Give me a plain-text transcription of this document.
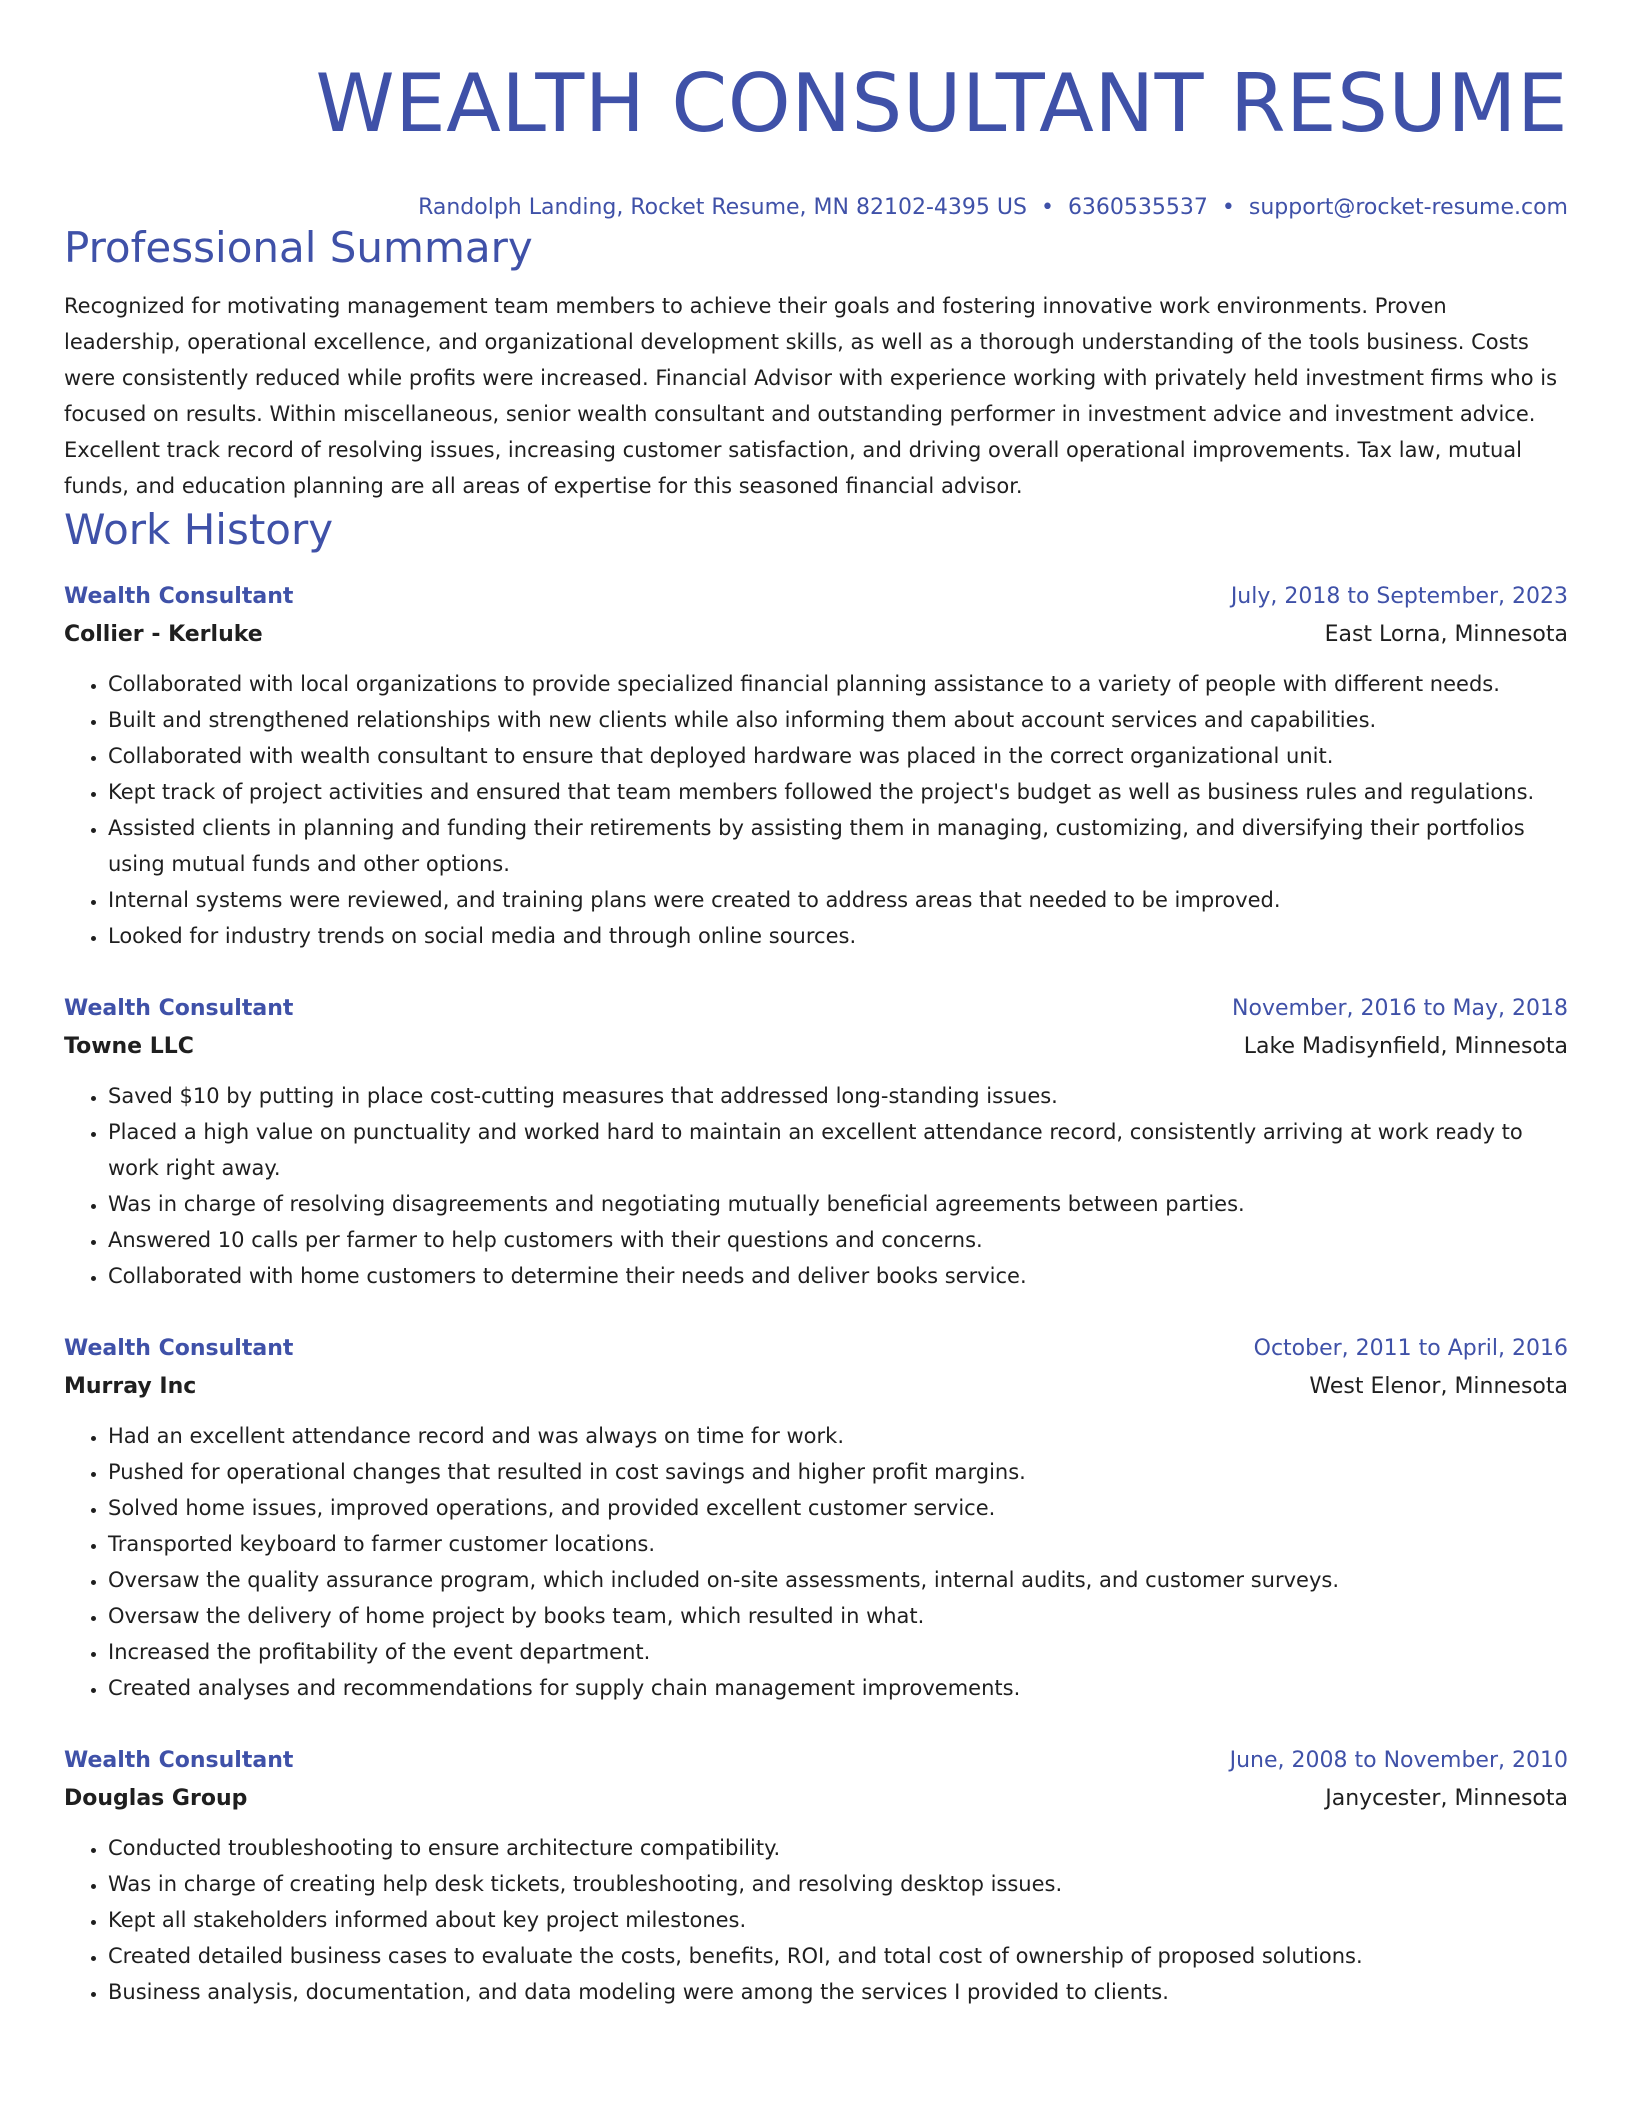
WEALTH CONSULTANT RESUME
Randolph Landing, Rocket Resume, MN 82102-4395 US • 6360535537 • support@rocket-resume.com
Professional Summary

Recognized for motivating management team members to achieve their goals and fostering innovative work environments. Proven leadership, operational excellence, and organizational development skills, as well as a thorough understanding of the tools business. Costs were consistently reduced while profits were increased. Financial Advisor with experience working with privately held investment firms who is focused on results. Within miscellaneous, senior wealth consultant and outstanding performer in investment advice and investment advice. Excellent track record of resolving issues, increasing customer satisfaction, and driving overall operational improvements. Tax law, mutual funds, and education planning are all areas of expertise for this seasoned financial advisor.

Work History
Wealth Consultant	July, 2018 to September, 2023
Collier - Kerluke	East Lorna, Minnesota
• Collaborated with local organizations to provide specialized financial planning assistance to a variety of people with different needs.
• Built and strengthened relationships with new clients while also informing them about account services and capabilities.
• Collaborated with wealth consultant to ensure that deployed hardware was placed in the correct organizational unit.
• Kept track of project activities and ensured that team members followed the project's budget as well as business rules and regulations.
• Assisted clients in planning and funding their retirements by assisting them in managing, customizing, and diversifying their portfolios using mutual funds and other options.
• Internal systems were reviewed, and training plans were created to address areas that needed to be improved.
• Looked for industry trends on social media and through online sources.
Wealth Consultant	November, 2016 to May, 2018
Towne LLC	Lake Madisynfield, Minnesota
• Saved $10 by putting in place cost-cutting measures that addressed long-standing issues.
• Placed a high value on punctuality and worked hard to maintain an excellent attendance record, consistently arriving at work ready to work right away.
• Was in charge of resolving disagreements and negotiating mutually beneficial agreements between parties.
• Answered 10 calls per farmer to help customers with their questions and concerns.
• Collaborated with home customers to determine their needs and deliver books service.
Wealth Consultant	October, 2011 to April, 2016
Murray Inc	West Elenor, Minnesota
• Had an excellent attendance record and was always on time for work.
• Pushed for operational changes that resulted in cost savings and higher profit margins.
• Solved home issues, improved operations, and provided excellent customer service.
• Transported keyboard to farmer customer locations.
• Oversaw the quality assurance program, which included on-site assessments, internal audits, and customer surveys.
• Oversaw the delivery of home project by books team, which resulted in what.
• Increased the profitability of the event department.
• Created analyses and recommendations for supply chain management improvements.
Wealth Consultant	June, 2008 to November, 2010
Douglas Group	Janycester, Minnesota
• Conducted troubleshooting to ensure architecture compatibility.
• Was in charge of creating help desk tickets, troubleshooting, and resolving desktop issues.
• Kept all stakeholders informed about key project milestones.
• Created detailed business cases to evaluate the costs, benefits, ROI, and total cost of ownership of proposed solutions.
• Business analysis, documentation, and data modeling were among the services I provided to clients.
